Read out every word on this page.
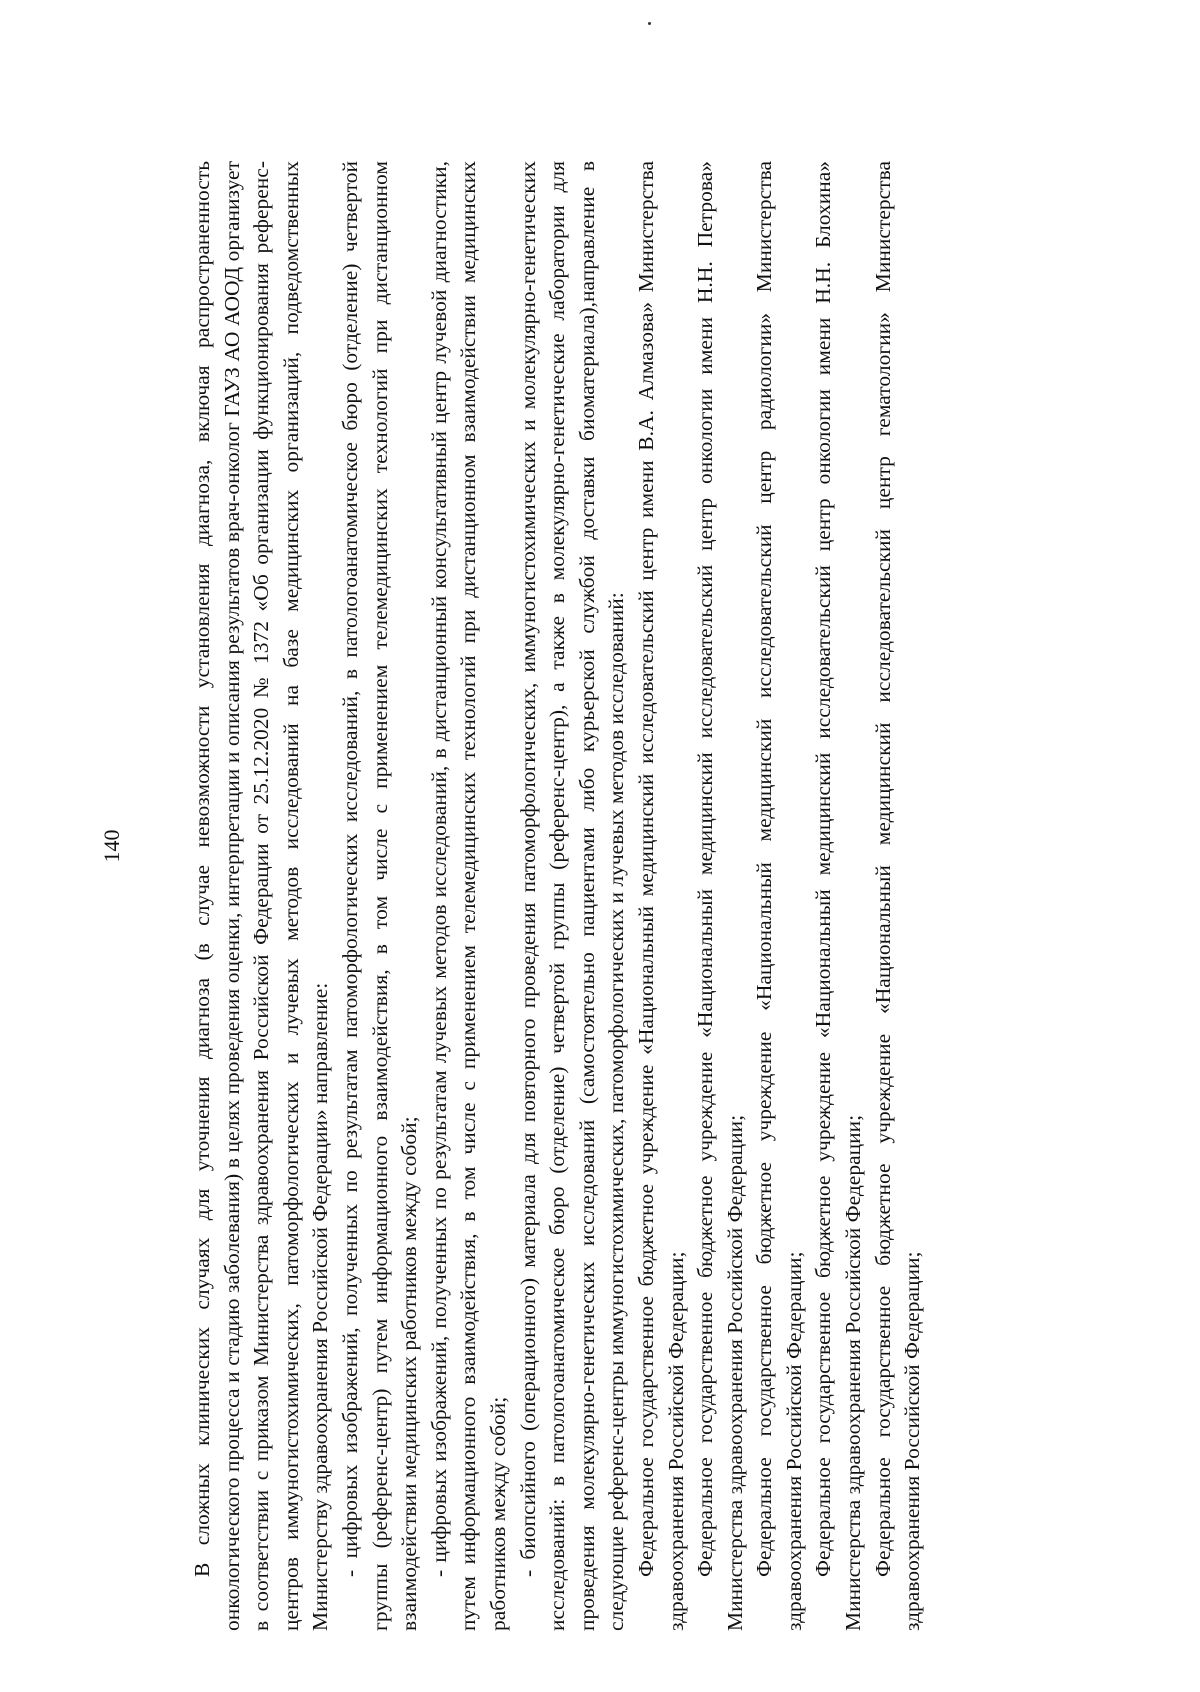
140	В сложных клинических случаях для уточнения диагноза (в случае невозможности установления диагноза, включая распространенность онкологического процесса и стадию заболевания) в целях проведения оценки, интерпретации и описания результатов врач-онколог ГАУЗ АО АООД организует в соответствии с приказом Министерства здравоохранения Российской Федерации от 25.12.2020 № 1372 «Об организации функционирования референс-центров иммуногистохимических, патоморфологических и лучевых методов исследований на базе медицинских организаций, подведомственных Министерству здравоохранения Российской Федерации» направление: - цифровых изображений, полученных по результатам патоморфологических исследований, в патологоанатомическое бюро (отделение) четвертой группы (референс-центр) путем информационного взаимодействия, в том числе с применением телемедицинских технологий при дистанционном взаимодействии медицинских работников между собой; - цифровых изображений, полученных по результатам лучевых методов исследований, в дистанционный консультативный центр лучевой диагностики, путем информационного взаимодействия, в том числе с применением телемедицинских технологий при дистанционном взаимодействии медицинских работников между собой; - биопсийного (операционного) материала для повторного проведения патоморфологических, иммуногистохимических и молекулярно-генетических исследований: в патологоанатомическое бюро (отделение) четвертой группы (референс-центр), а также в молекулярно-генетические лаборатории для проведения молекулярно-генетических исследований (самостоятельно пациентами либо курьерской службой доставки биоматериала),направление в следующие референс-центры иммуногистохимических, патоморфологических и лучевых методов исследований: Федеральное государственное бюджетное учреждение «Национальный медицинский исследовательский центр имени В.А. Алмазова» Министерства здравоохранения Российской Федерации; Федеральное государственное бюджетное учреждение «Национальный медицинский исследовательский центр онкологии имени Н.Н. Петрова» Министерства здравоохранения Российской Федерации; Федеральное государственное бюджетное учреждение «Национальный медицинский исследовательский центр радиологии» Министерства здравоохранения Российской Федерации; Федеральное государственное бюджетное учреждение «Национальный медицинский исследовательский центр онкологии имени Н.Н. Блохина» Министерства здравоохранения Российской Федерации; Федеральное государственное бюджетное учреждение «Национальный медицинский исследовательский центр гематологии» Министерства здравоохранения Российской Федерации;
